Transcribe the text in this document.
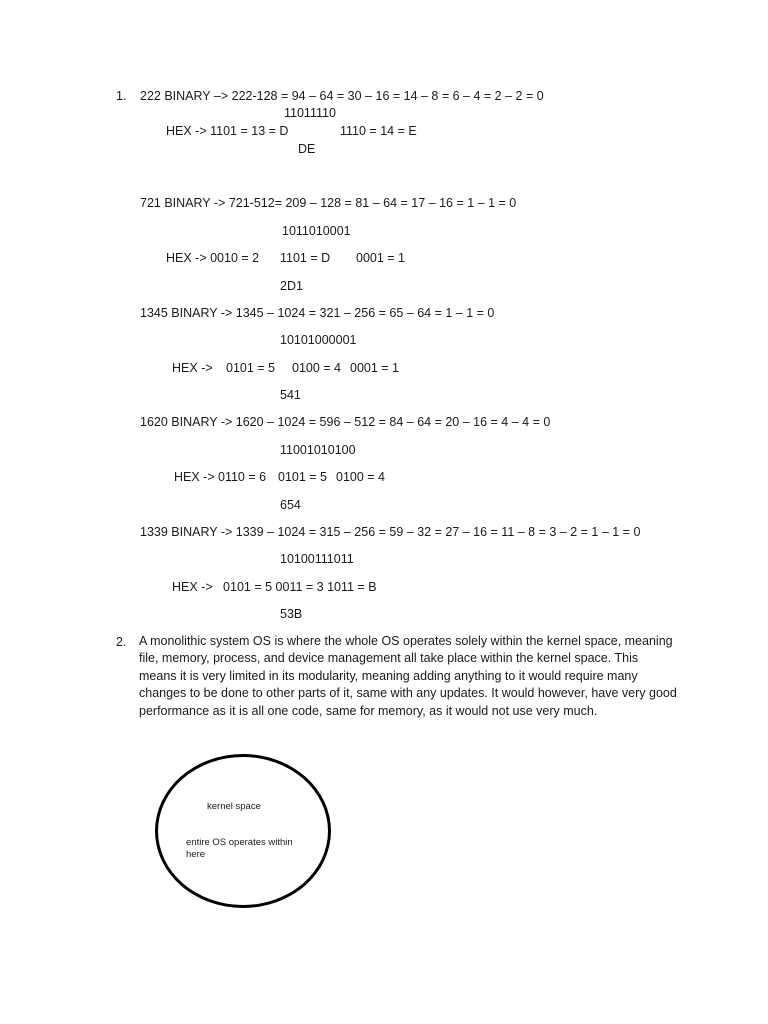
1. 222 BINARY –> 222-128 = 94 – 64 = 30 – 16 = 14 – 8 = 6 – 4 = 2 – 2 = 0
11011110
HEX -> 1101 = 13 = D	1110 = 14 = E
DE
721 BINARY -> 721-512= 209 – 128 = 81 – 64 = 17 – 16 = 1 – 1 = 0
1011010001
HEX -> 0010 = 2 1101 = D 0001 = 1
2D1
1345 BINARY -> 1345 – 1024 = 321 – 256 = 65 – 64 = 1 – 1 = 0
10101000001
HEX -> 0101 = 5 0100 = 4 0001 = 1
541
1620 BINARY -> 1620 – 1024 = 596 – 512 = 84 – 64 = 20 – 16 = 4 – 4 = 0
11001010100
HEX -> 0110 = 6 0101 = 5 0100 = 4
654
1339 BINARY -> 1339 – 1024 = 315 – 256 = 59 – 32 = 27 – 16 = 11 – 8 = 3 – 2 = 1 – 1 = 0
10100111011
HEX ->   0101 = 5 0011 = 3 1011 = B
53B
2. A monolithic system OS is where the whole OS operates solely within the kernel space, meaning file, memory, process, and device management all take place within the kernel space. This means it is very limited in its modularity, meaning adding anything to it would require many changes to be done to other parts of it, same with any updates. It would however, have very good performance as it is all one code, same for memory, as it would not use very much.
kernel space
entire OS operates within
here
